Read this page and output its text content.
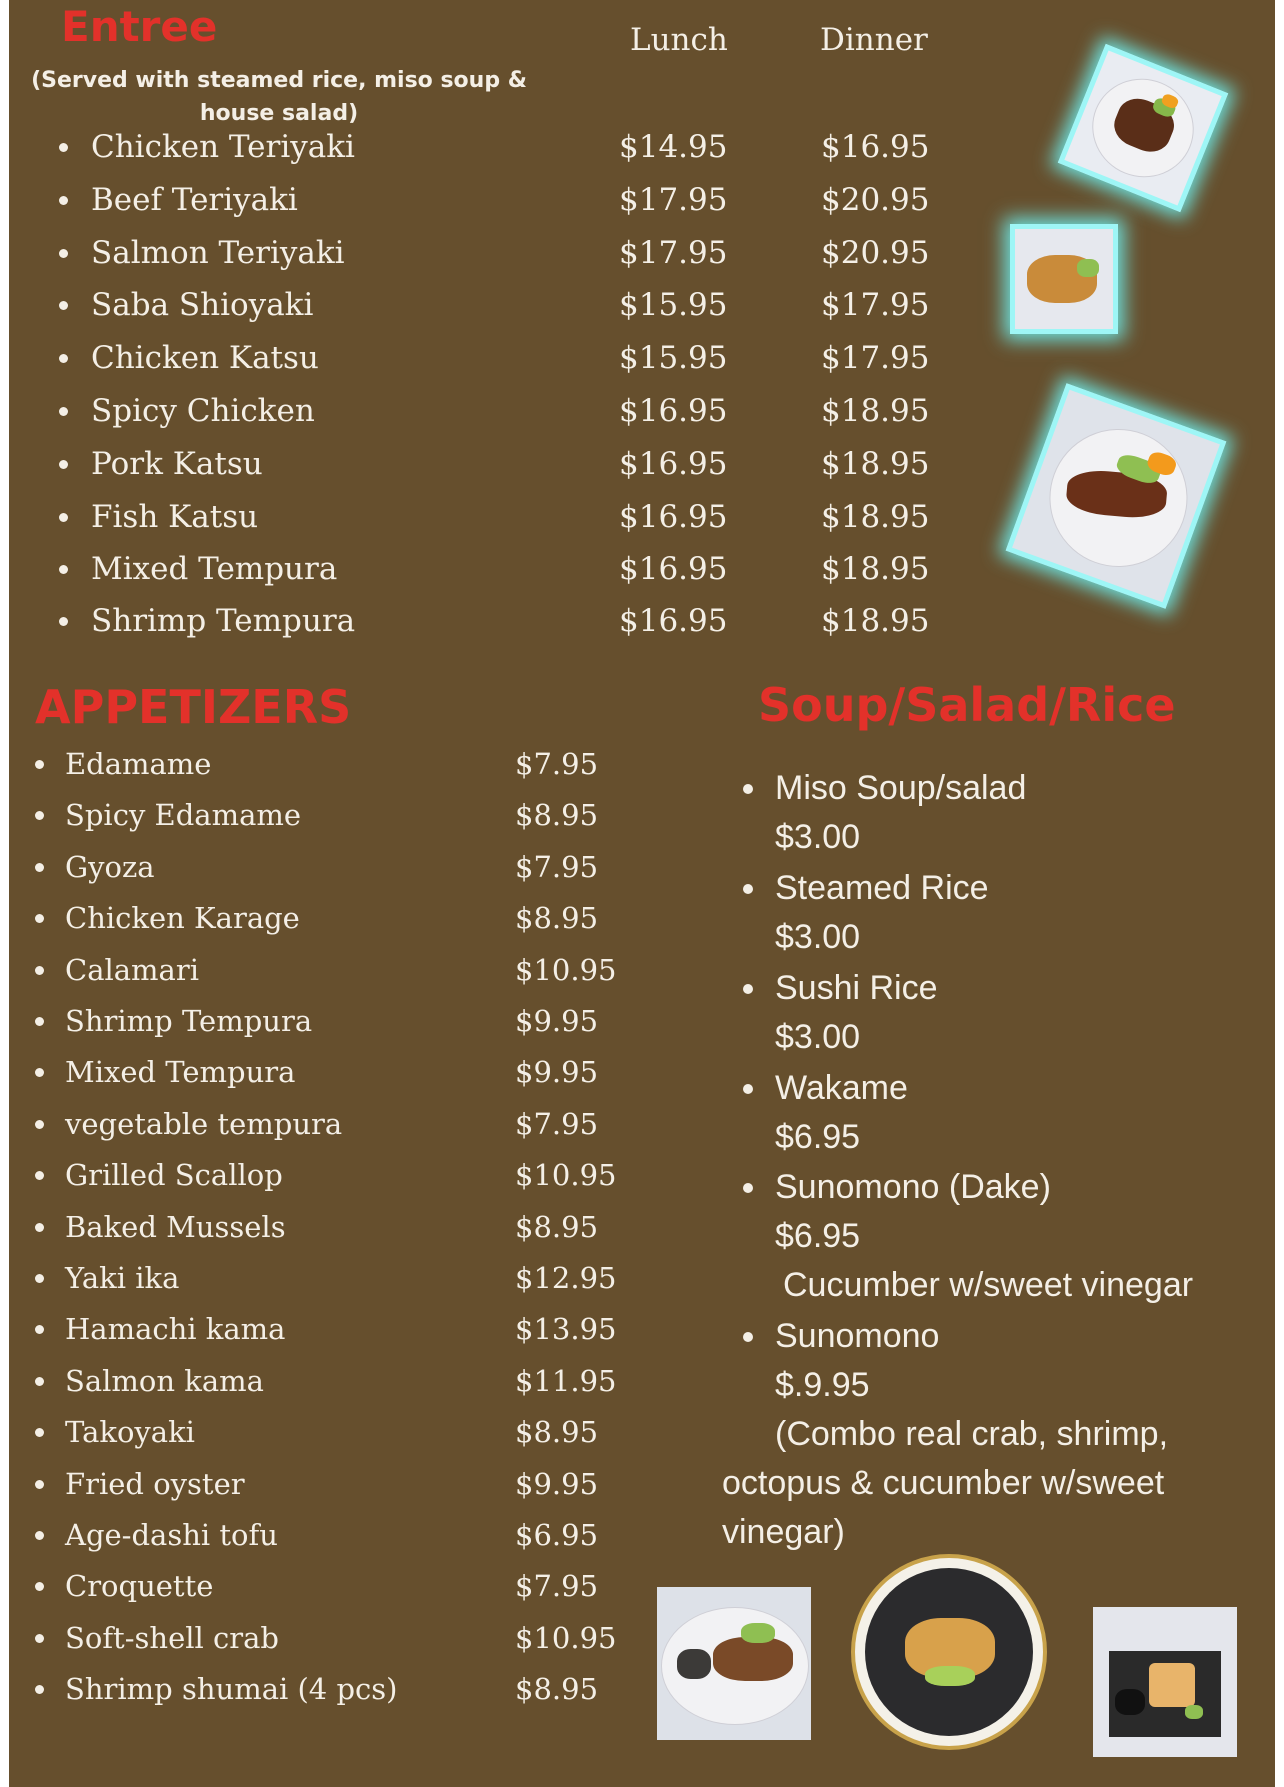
Entree
(Served with steamed rice, miso soup & house salad)
Lunch	Dinner
Chicken Teriyaki	$14.95	$16.95
Beef Teriyaki	$17.95	$20.95
Salmon Teriyaki	$17.95	$20.95
Saba Shioyaki	$15.95	$17.95
Chicken Katsu	$15.95	$17.95
Spicy Chicken	$16.95	$18.95
Pork Katsu	$16.95	$18.95
Fish Katsu	$16.95	$18.95
Mixed Tempura	$16.95	$18.95
Shrimp Tempura	$16.95	$18.95
APPETIZERS
Edamame	$7.95
Spicy Edamame	$8.95
Gyoza	$7.95
Chicken Karage	$8.95
Calamari	$10.95
Shrimp Tempura	$9.95
Mixed Tempura	$9.95
vegetable tempura	$7.95
Grilled Scallop	$10.95
Baked Mussels	$8.95
Yaki ika	$12.95
Hamachi kama	$13.95
Salmon kama	$11.95
Takoyaki	$8.95
Fried oyster	$9.95
Age-dashi tofu	$6.95
Croquette	$7.95
Soft-shell crab	$10.95
Shrimp shumai (4 pcs)	$8.95
Soup/Salad/Rice
Miso Soup/salad
$3.00
Steamed Rice
$3.00
Sushi Rice
$3.00
Wakame
$6.95
Sunomono (Dake)
$6.95
Cucumber w/sweet vinegar
Sunomono
$.9.95
(Combo real crab, shrimp, octopus & cucumber w/sweet vinegar)
